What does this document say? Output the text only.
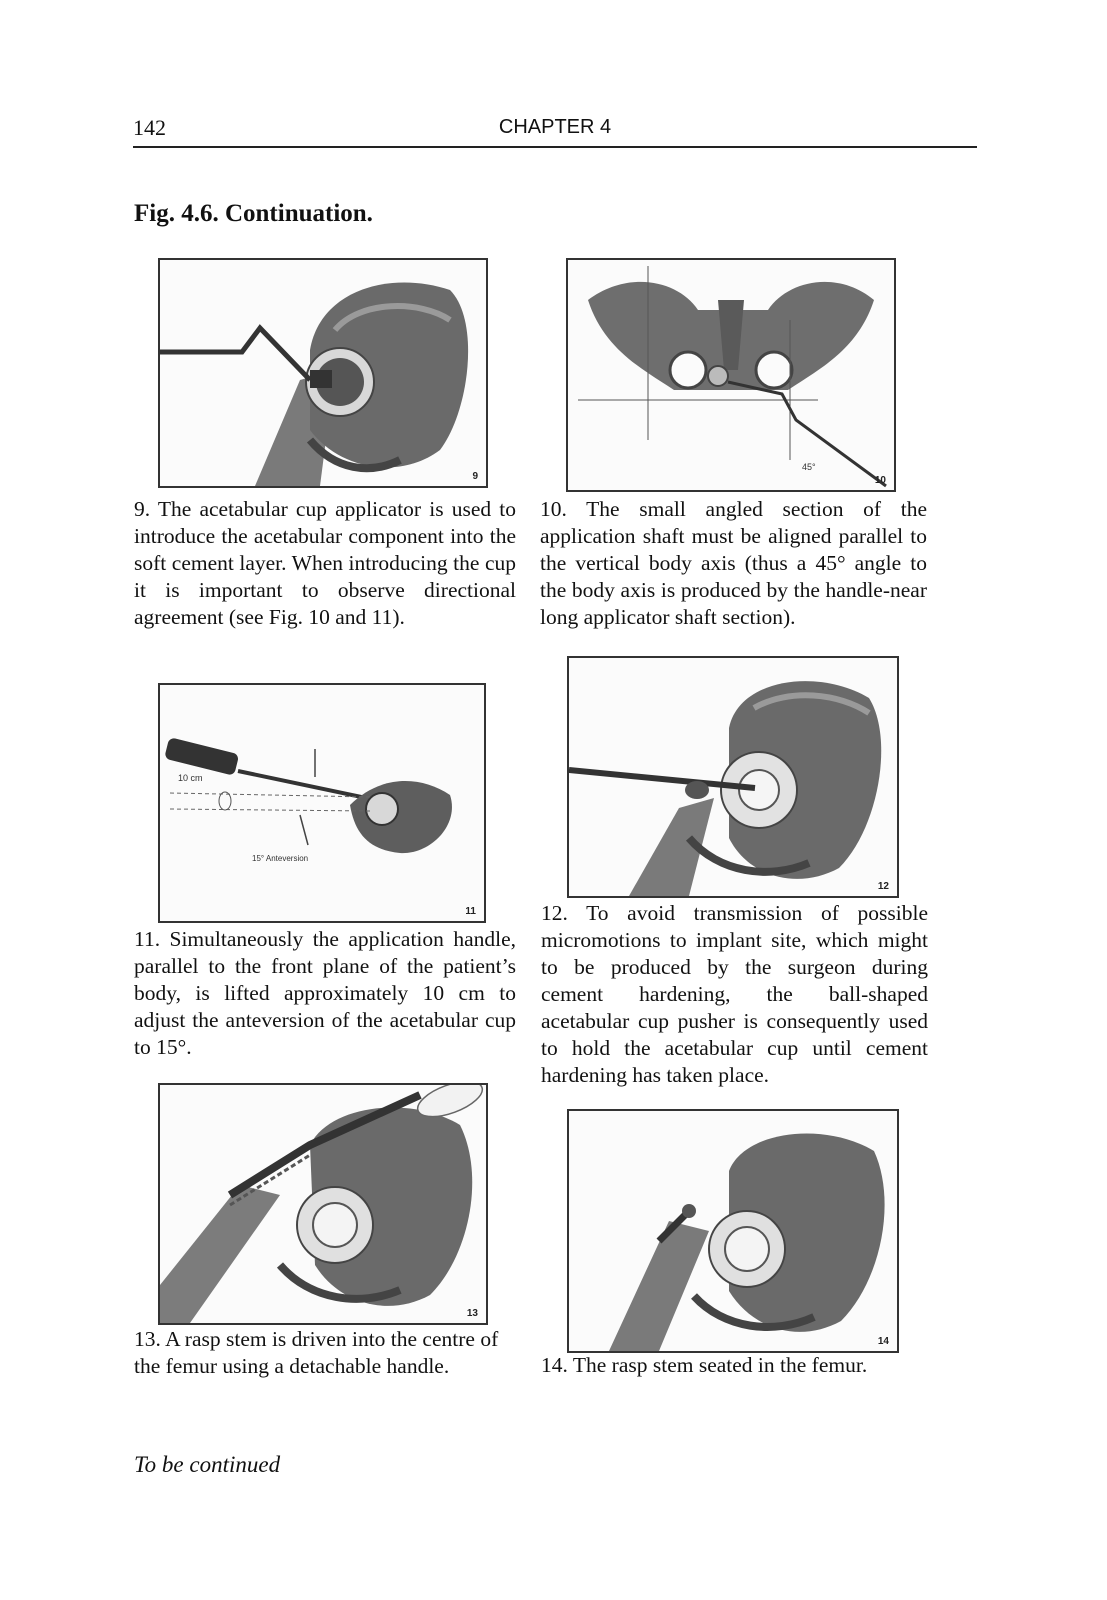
142	CHAPTER 4
Fig. 4.6. Continuation.
9
9. The acetabular cup applicator is used to introduce the acetabular component into the soft cement layer. When introducing the cup it is important to observe directional agreement (see Fig. 10 and 11).
45°
10
10. The small angled section of the application shaft must be aligned parallel to the vertical body axis (thus a 45° angle to the body axis is produced by the handle-near long applicator shaft section).
10 cm
15° Anteversion
11
11. Simultaneously the application handle, parallel to the front plane of the patient’s body, is lifted approximately 10 cm to adjust the anteversion of the acetabular cup to 15°.
12
12. To avoid transmission of possible micromotions to implant site, which might to be produced by the surgeon during cement hardening, the ball-shaped acetabular cup pusher is consequently used to hold the acetabular cup until cement hardening has taken place.
13
13. A rasp stem is driven into the centre of the femur using a detachable handle.
14
14. The rasp stem seated in the femur.
To be continued
